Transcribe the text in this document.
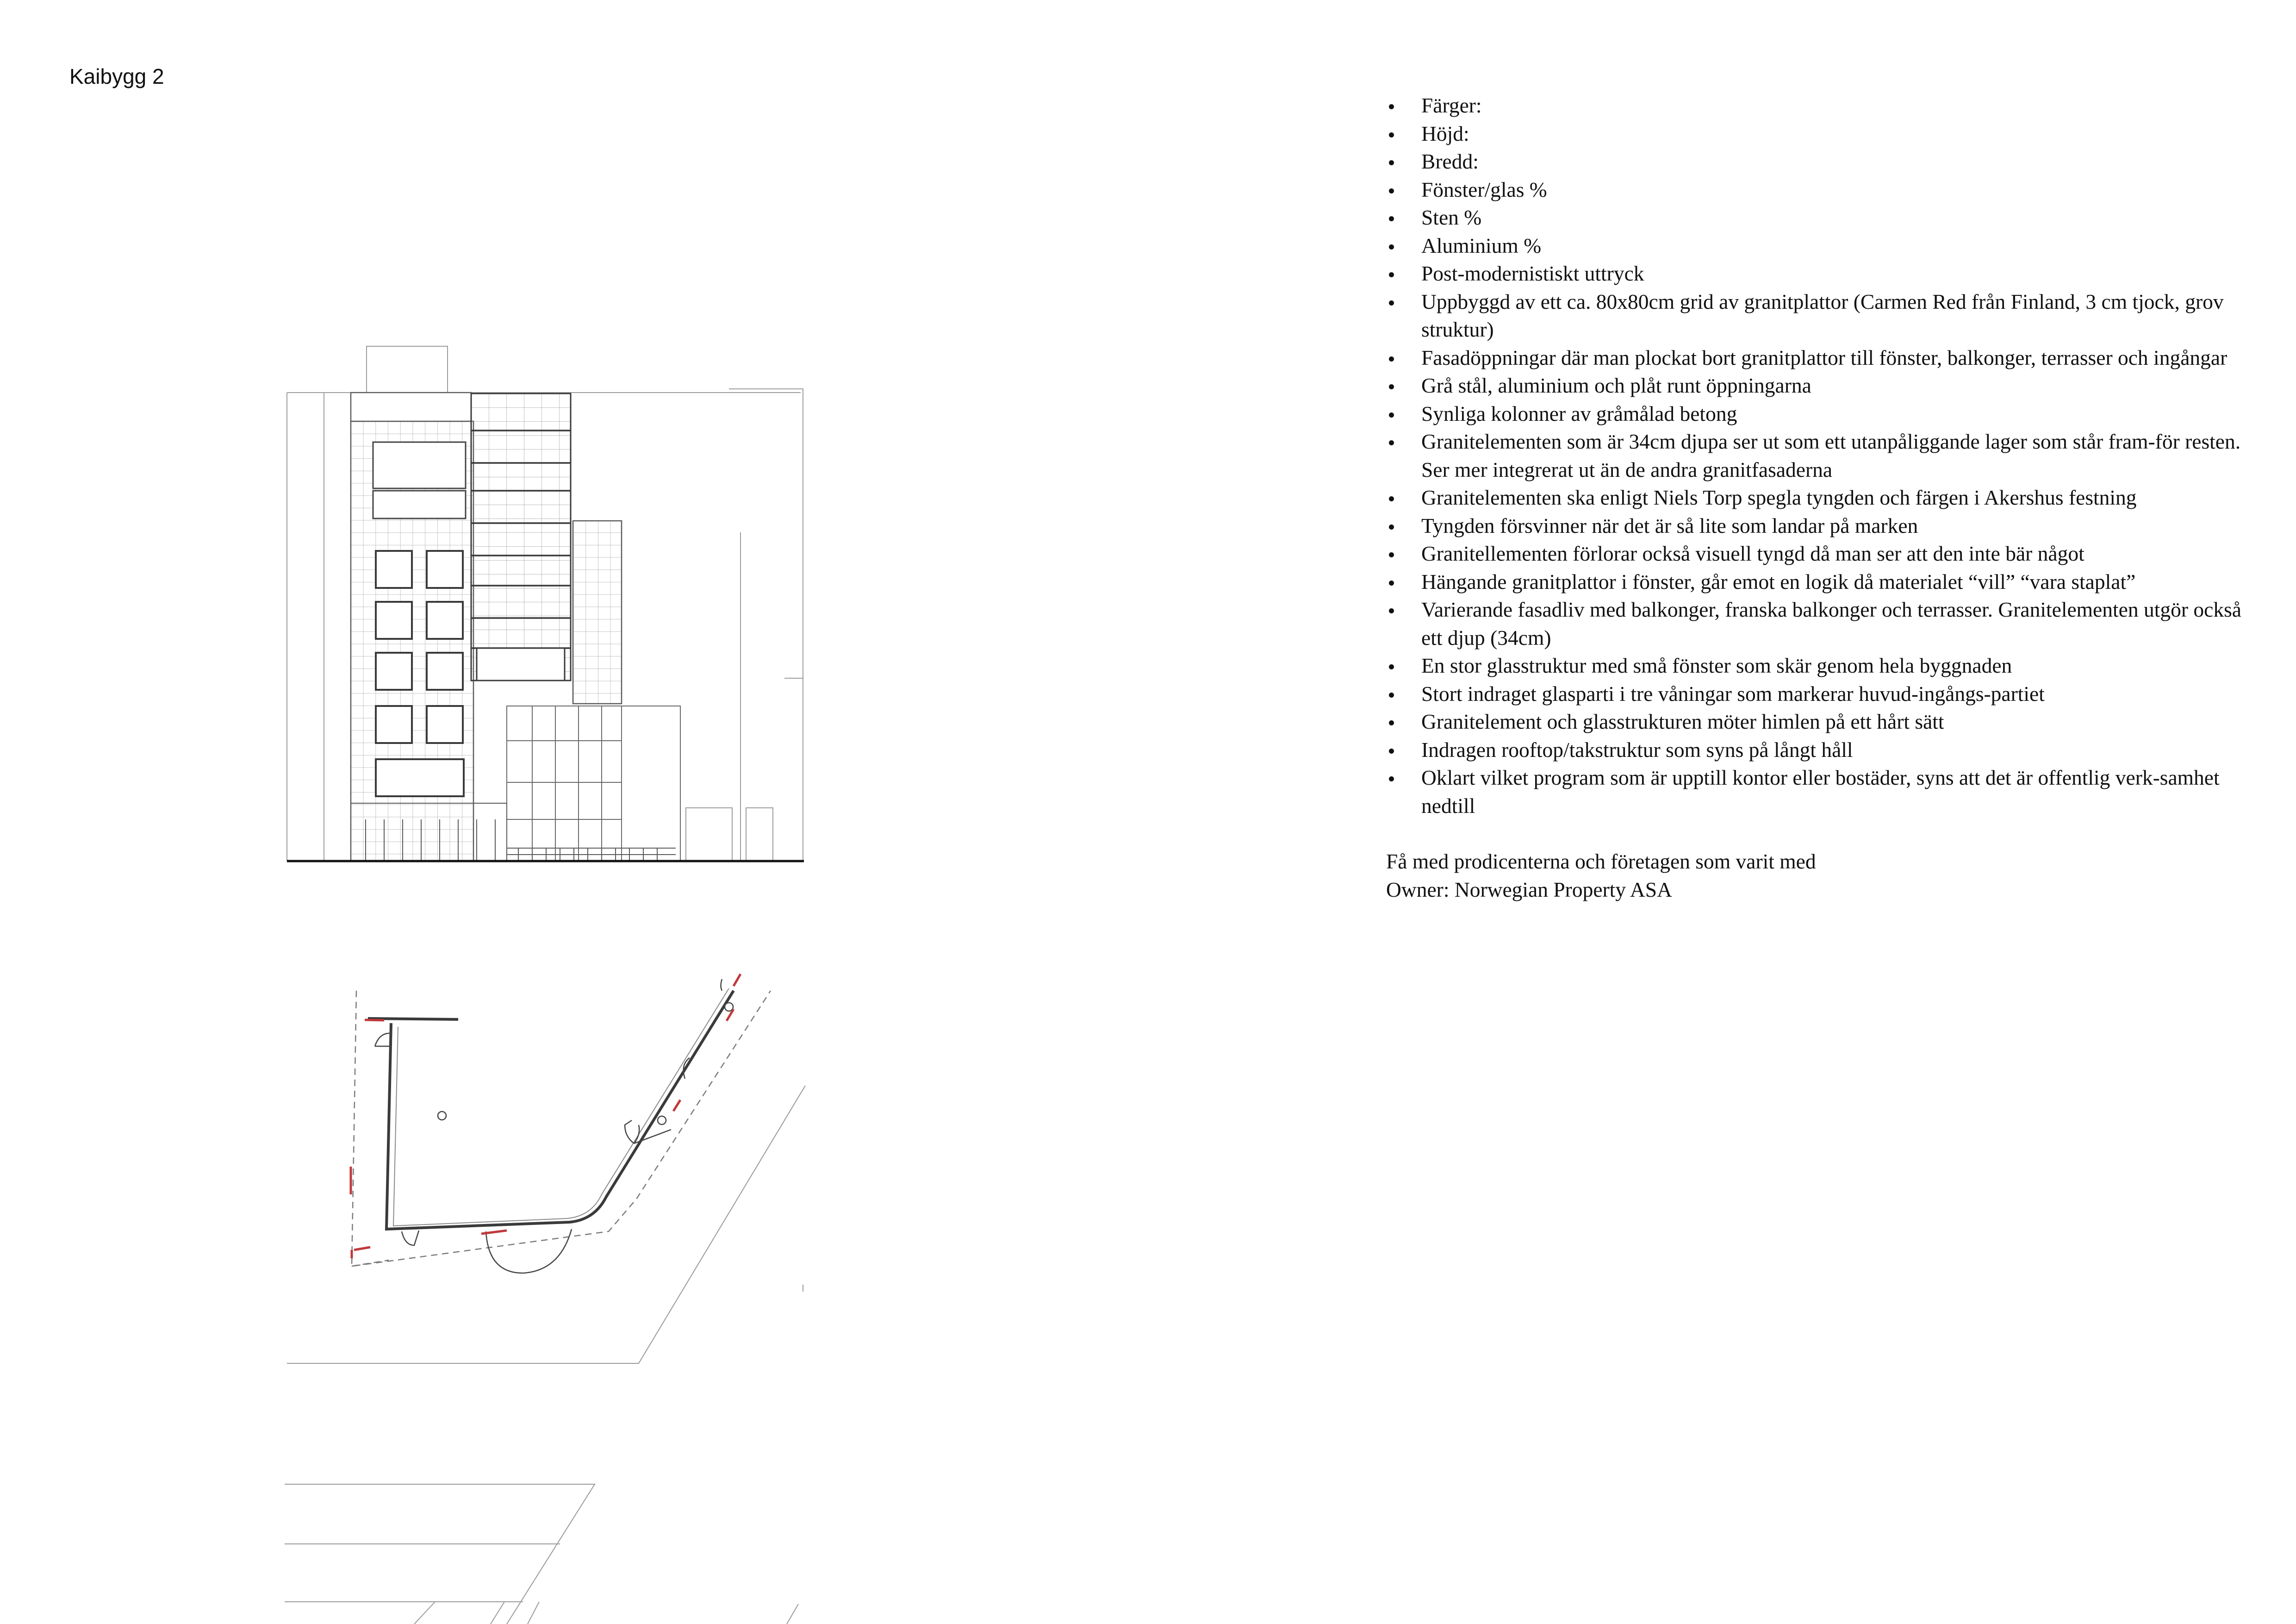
Kaibygg 2
Färger:
Höjd:
Bredd:
Fönster/glas %
Sten %
Aluminium %
Post-modernistiskt uttryck
Uppbyggd av ett ca. 80x80cm grid av granitplattor (Carmen Red från Finland, 3 cm tjock, grov struktur)
Fasadöppningar där man plockat bort granitplattor till fönster, balkonger, terrasser och ingångar
Grå stål, aluminium och plåt runt öppningarna
Synliga kolonner av gråmålad betong
Granitelementen som är 34cm djupa ser ut som ett utanpåliggande lager som står fram-för resten. Ser mer integrerat ut än de andra granitfasaderna
Granitelementen ska enligt Niels Torp spegla tyngden och färgen i Akershus festning
Tyngden försvinner när det är så lite som landar på marken
Granitellementen förlorar också visuell tyngd då man ser att den inte bär något
Hängande granitplattor i fönster, går emot en logik då materialet “vill” “vara staplat”
Varierande fasadliv med balkonger, franska balkonger och terrasser. Granitelementen utgör också ett djup (34cm)
En stor glasstruktur med små fönster som skär genom hela byggnaden
Stort indraget glasparti i tre våningar som markerar huvud-ingångs-partiet
Granitelement och glasstrukturen möter himlen på ett hårt sätt
Indragen rooftop/takstruktur som syns på långt håll
Oklart vilket program som är upptill kontor eller bostäder, syns att det är offentlig verk-samhet nedtill

Få med prodicenterna och företagen som varit med

Owner: Norwegian Property ASA
